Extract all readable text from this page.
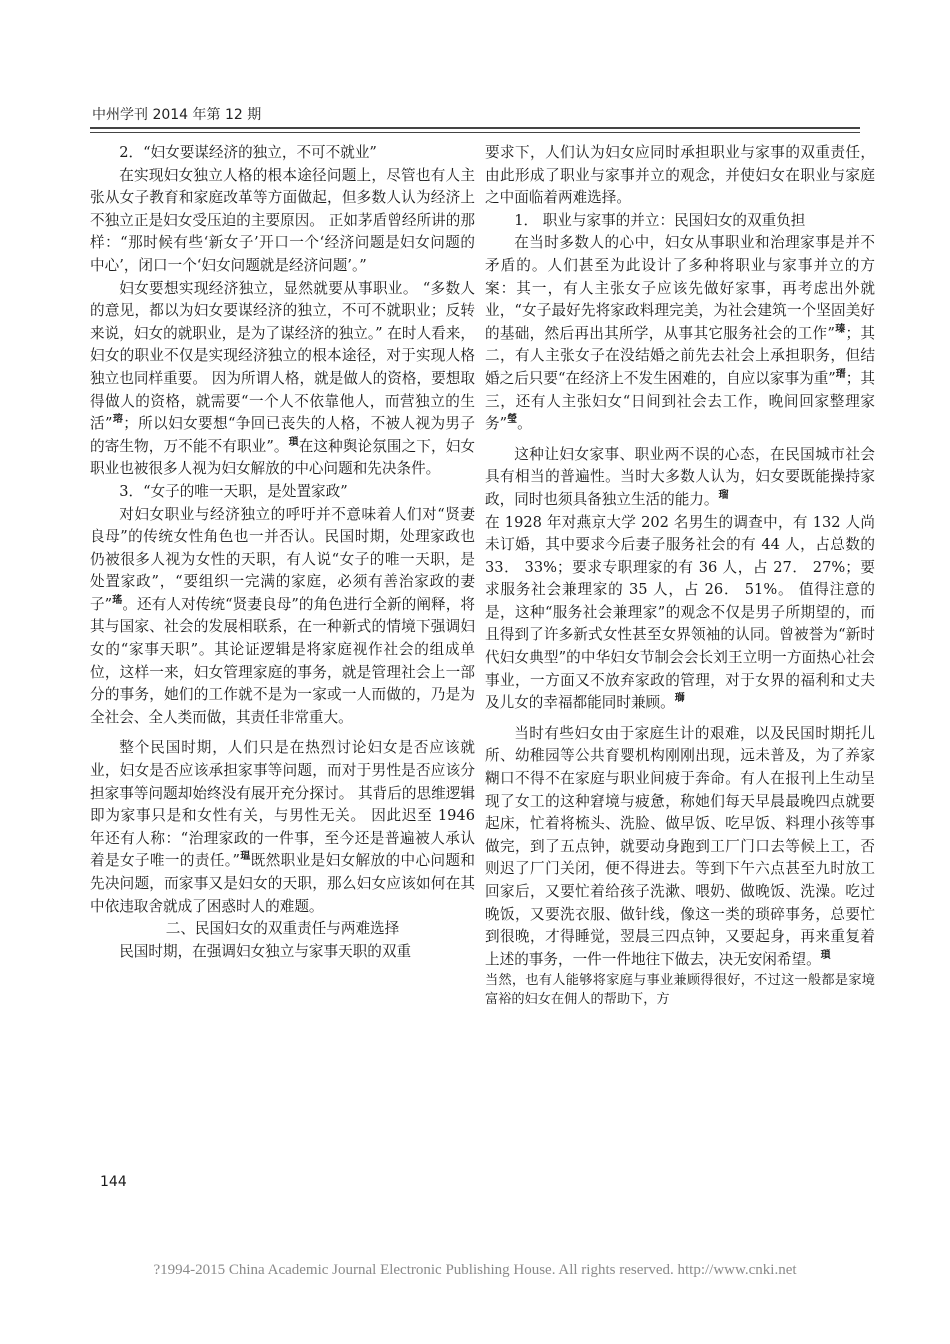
中州学刊 2014 年第 12 期

2．“妇女要谋经济的独立，不可不就业”

在实现妇女独立人格的根本途径问题上，尽管也有人主张从女子教育和家庭改革等方面做起，但多数人认为经济上不独立正是妇女受压迫的主要原因。 正如茅盾曾经所讲的那样：“那时候有些‘新女子’开口一个‘经济问题是妇女问题的中心’，闭口一个‘妇女问题就是经济问题’。”

妇女要想实现经济独立，显然就要从事职业。 “多数人的意见，都以为妇女要谋经济的独立，不可不就职业；反转来说，妇女的就职业，是为了谋经济的独立。” 在时人看来，妇女的职业不仅是实现经济独立的根本途径，对于实现人格独立也同样重要。 因为所谓人格，就是做人的资格，要想取得做人的资格，就需要“一个人不依靠他人，而营独立的生活”$^瑢$；所以妇女要想“争回已丧失的人格，不被人视为男子的寄生物，万不能不有职业”。$^瑣$在这种舆论氛围之下，妇女职业也被很多人视为妇女解放的中心问题和先决条件。

3．“女子的唯一天职，是处置家政”

对妇女职业与经济独立的呼吁并不意味着人们对“贤妻良母”的传统女性角色也一并否认。民国时期，处理家政也仍被很多人视为女性的天职，有人说“女子的唯一天职，是处置家政”，“要组织一完满的家庭，必须有善治家政的妻子”$^瑤$。还有人对传统“贤妻良母”的角色进行全新的阐释，将其与国家、社会的发展相联系，在一种新式的情境下强调妇女的“家事天职”。其论证逻辑是将家庭视作社会的组成单位，这样一来，妇女管理家庭的事务，就是管理社会上一部分的事务，她们的工作就不是为一家或一人而做的，乃是为全社会、全人类而做，其责任非常重大。

整个民国时期，人们只是在热烈讨论妇女是否应该就业，妇女是否应该承担家事等问题，而对于男性是否应该分担家事等问题却始终没有展开充分探讨。 其背后的思维逻辑即为家事只是和女性有关，与男性无关。 因此迟至 1946 年还有人称：“治理家政的一件事，至今还是普遍被人承认着是女子唯一的责任。”$^瑥$既然职业是妇女解放的中心问题和先决问题，而家事又是妇女的天职，那么妇女应该如何在其中依违取舍就成了困惑时人的难题。

二、民国妇女的双重责任与两难选择

民国时期，在强调妇女独立与家事天职的双重

要求下，人们认为妇女应同时承担职业与家事的双重责任，由此形成了职业与家事并立的观念，并使妇女在职业与家庭之中面临着两难选择。

1． 职业与家事的并立：民国妇女的双重负担

在当时多数人的心中，妇女从事职业和治理家事是并不矛盾的。人们甚至为此设计了多种将职业与家事并立的方案：其一，有人主张女子应该先做好家事，再考虑出外就业，“女子最好先将家政料理完美，为社会建筑一个坚固美好的基础，然后再出其所学，从事其它服务社会的工作”$^瑧$；其二，有人主张女子在没结婚之前先去社会上承担职务，但结婚之后只要“在经济上不发生困难的，自应以家事为重”$^瑨$；其三，还有人主张妇女“日间到社会去工作，晚间回家整理家务”$^瑩$。

这种让妇女家事、职业两不误的心态，在民国城市社会具有相当的普遍性。当时大多数人认为，妇女要既能操持家政，同时也须具备独立生活的能力。$^瑠$

在 1928 年对燕京大学 202 名男生的调查中，有 132 人尚未订婚，其中要求今后妻子服务社会的有 44 人，占总数的 33． 33%；要求专职理家的有 36 人，占 27． 27%；要求服务社会兼理家的 35 人，占 26． 51%。 值得注意的是，这种“服务社会兼理家”的观念不仅是男子所期望的，而且得到了许多新式女性甚至女界领袖的认同。曾被誉为“新时代妇女典型”的中华妇女节制会会长刘王立明一方面热心社会事业，一方面又不放弃家政的管理，对于女界的福利和丈夫及儿女的幸福都能同时兼顾。$^瑡$

当时有些妇女由于家庭生计的艰难，以及民国时期托儿所、幼稚园等公共育婴机构刚刚出现，远未普及，为了养家糊口不得不在家庭与职业间疲于奔命。有人在报刊上生动呈现了女工的这种窘境与疲惫，称她们每天早晨最晚四点就要起床，忙着将梳头、洗脸、做早饭、吃早饭、料理小孩等事做完，到了五点钟，就要动身跑到工厂门口去等候上工，否则迟了厂门关闭，便不得进去。等到下午六点甚至九时放工回家后，又要忙着给孩子洗漱、喂奶、做晚饭、洗澡。吃过晚饭，又要洗衣服、做针线，像这一类的琐碎事务，总要忙到很晚，才得睡觉，翌晨三四点钟，又要起身，再来重复着上述的事务，一件一件地往下做去，决无安闲希望。$^瑣$

当然，也有人能够将家庭与事业兼顾得很好，不过这一般都是家境富裕的妇女在佣人的帮助下，方

144
?1994-2015 China Academic Journal Electronic Publishing House. All rights reserved. http://www.cnki.net
